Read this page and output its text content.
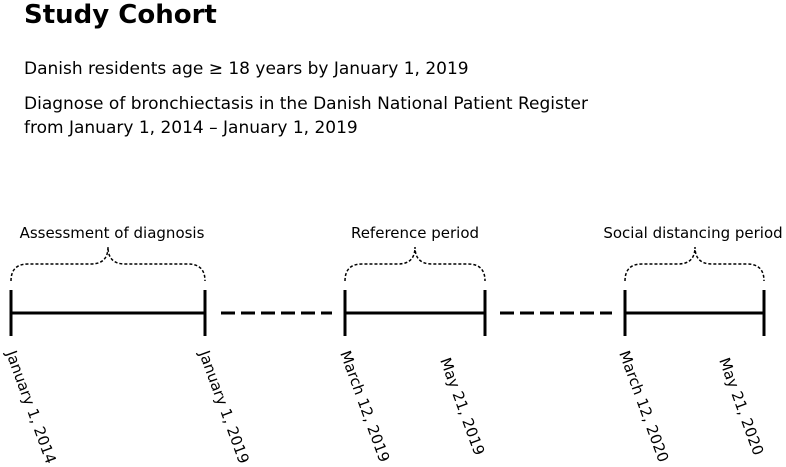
Study Cohort
Danish residents age ≥ 18 years by January 1, 2019
Diagnose of bronchiectasis in the Danish National Patient Register
from January 1, 2014 – January 1, 2019
Assessment of diagnosis	Reference period	Social distancing period
January 1, 2014	January 1, 2019	March 12, 2019	May 21, 2019	March 12, 2020	May 21, 2020
